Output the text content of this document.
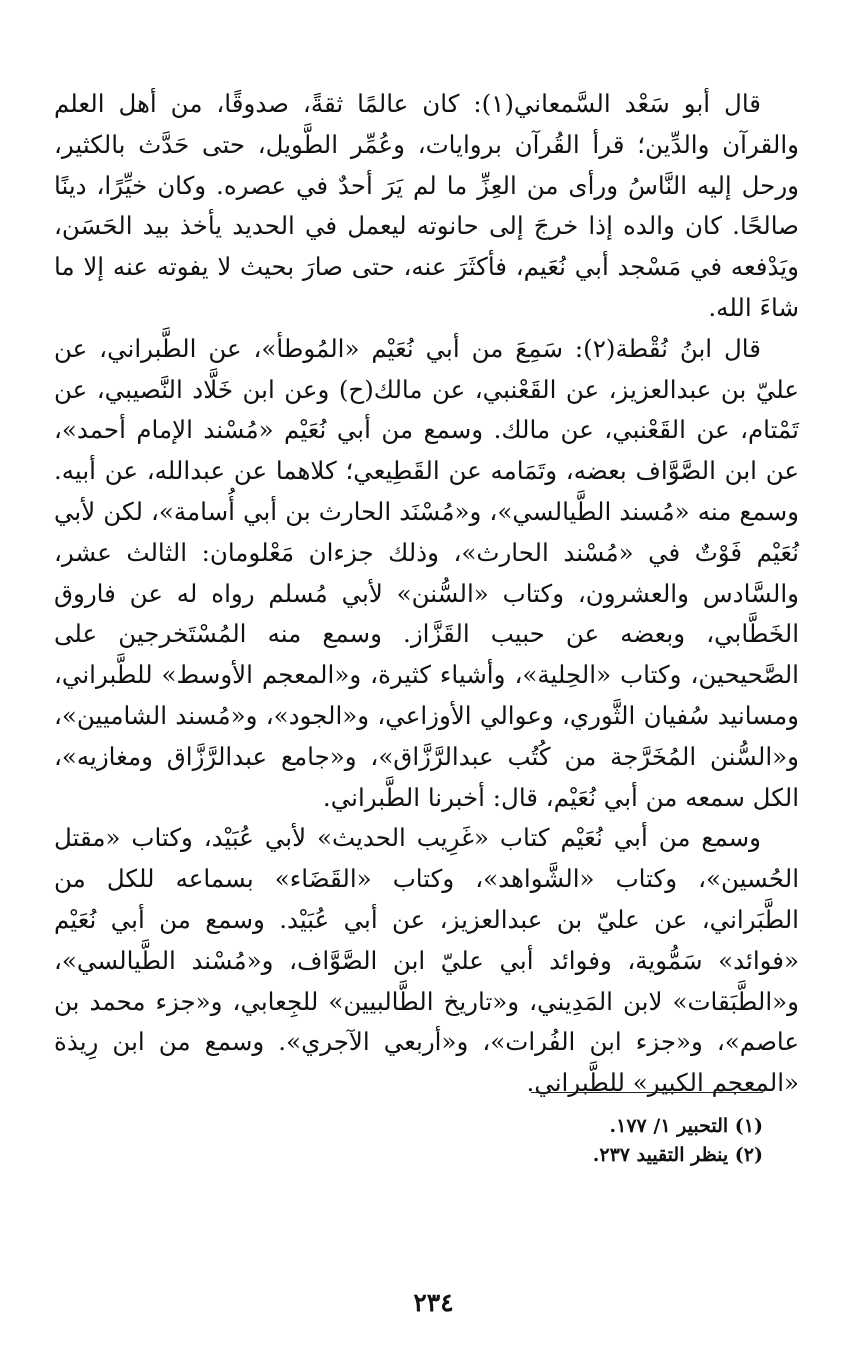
قال أبو سَعْد السَّمعاني(١): كان عالمًا ثقةً، صدوقًا، من أهل العلم والقرآن والدِّين؛ قرأ القُرآن بروايات، وعُمِّر الطَّويل، حتى حَدَّث بالكثير، ورحل إليه النَّاسُ ورأى من العِزِّ ما لم يَرَ أحدٌ في عصره. وكان خيِّرًا، دينًا صالحًا. كان والده إذا خرجَ إلى حانوته ليعمل في الحديد يأخذ بيد الحَسَن، ويَدْفعه في مَسْجد أبي نُعَيم، فأكثَرَ عنه، حتى صارَ بحيث لا يفوته عنه إلا ما شاءَ الله.

قال ابنُ نُقْطة(٢): سَمِعَ من أبي نُعَيْم «المُوطأ»، عن الطَّبراني، عن عليّ بن عبدالعزيز، عن القَعْنبي، عن مالك(ح) وعن ابن خَلَّاد النَّصيبي، عن تَمْتام، عن القَعْنبي، عن مالك. وسمع من أبي نُعَيْم «مُسْند الإمام أحمد»، عن ابن الصَّوَّاف بعضه، وتَمَامه عن القَطِيعي؛ كلاهما عن عبدالله، عن أبيه. وسمع منه «مُسند الطَّيالسي»، و«مُسْنَد الحارث بن أبي أُسامة»، لكن لأبي نُعَيْم فَوْتٌ في «مُسْند الحارث»، وذلك جزءان مَعْلومان: الثالث عشر، والسَّادس والعشرون، وكتاب «السُّنن» لأبي مُسلم رواه له عن فاروق الخَطَّابي، وبعضه عن حبيب القَزَّاز. وسمع منه المُسْتَخرجين على الصَّحيحين، وكتاب «الحِلية»، وأشياء كثيرة، و«المعجم الأوسط» للطَّبراني، ومسانيد سُفيان الثَّوري، وعوالي الأوزاعي، و«الجود»، و«مُسند الشاميين»، و«السُّنن المُخَرَّجة من كُتُب عبدالرَّزَّاق»، و«جامع عبدالرَّزَّاق ومغازيه»، الكل سمعه من أبي نُعَيْم، قال: أخبرنا الطَّبراني.

وسمع من أبي نُعَيْم كتاب «غَرِيب الحديث» لأبي عُبَيْد، وكتاب «مقتل الحُسين»، وكتاب «الشَّواهد»، وكتاب «القَضَاء» بسماعه للكل من الطَّبَراني، عن عليّ بن عبدالعزيز، عن أبي عُبَيْد. وسمع من أبي نُعَيْم «فوائد» سَمُّوية، وفوائد أبي عليّ ابن الصَّوَّاف، و«مُسْند الطَّيالسي»، و«الطَّبَقات» لابن المَدِيني، و«تاريخ الطَّالبيين» للجِعابي، و«جزء محمد بن عاصم»، و«جزء ابن الفُرات»، و«أربعي الآجري». وسمع من ابن رِيذة «المعجم الكبير» للطَّبراني.

(١) التحبير ١/ ١٧٧.

(٢) ينظر التقييد ٢٣٧.

٢٣٤
